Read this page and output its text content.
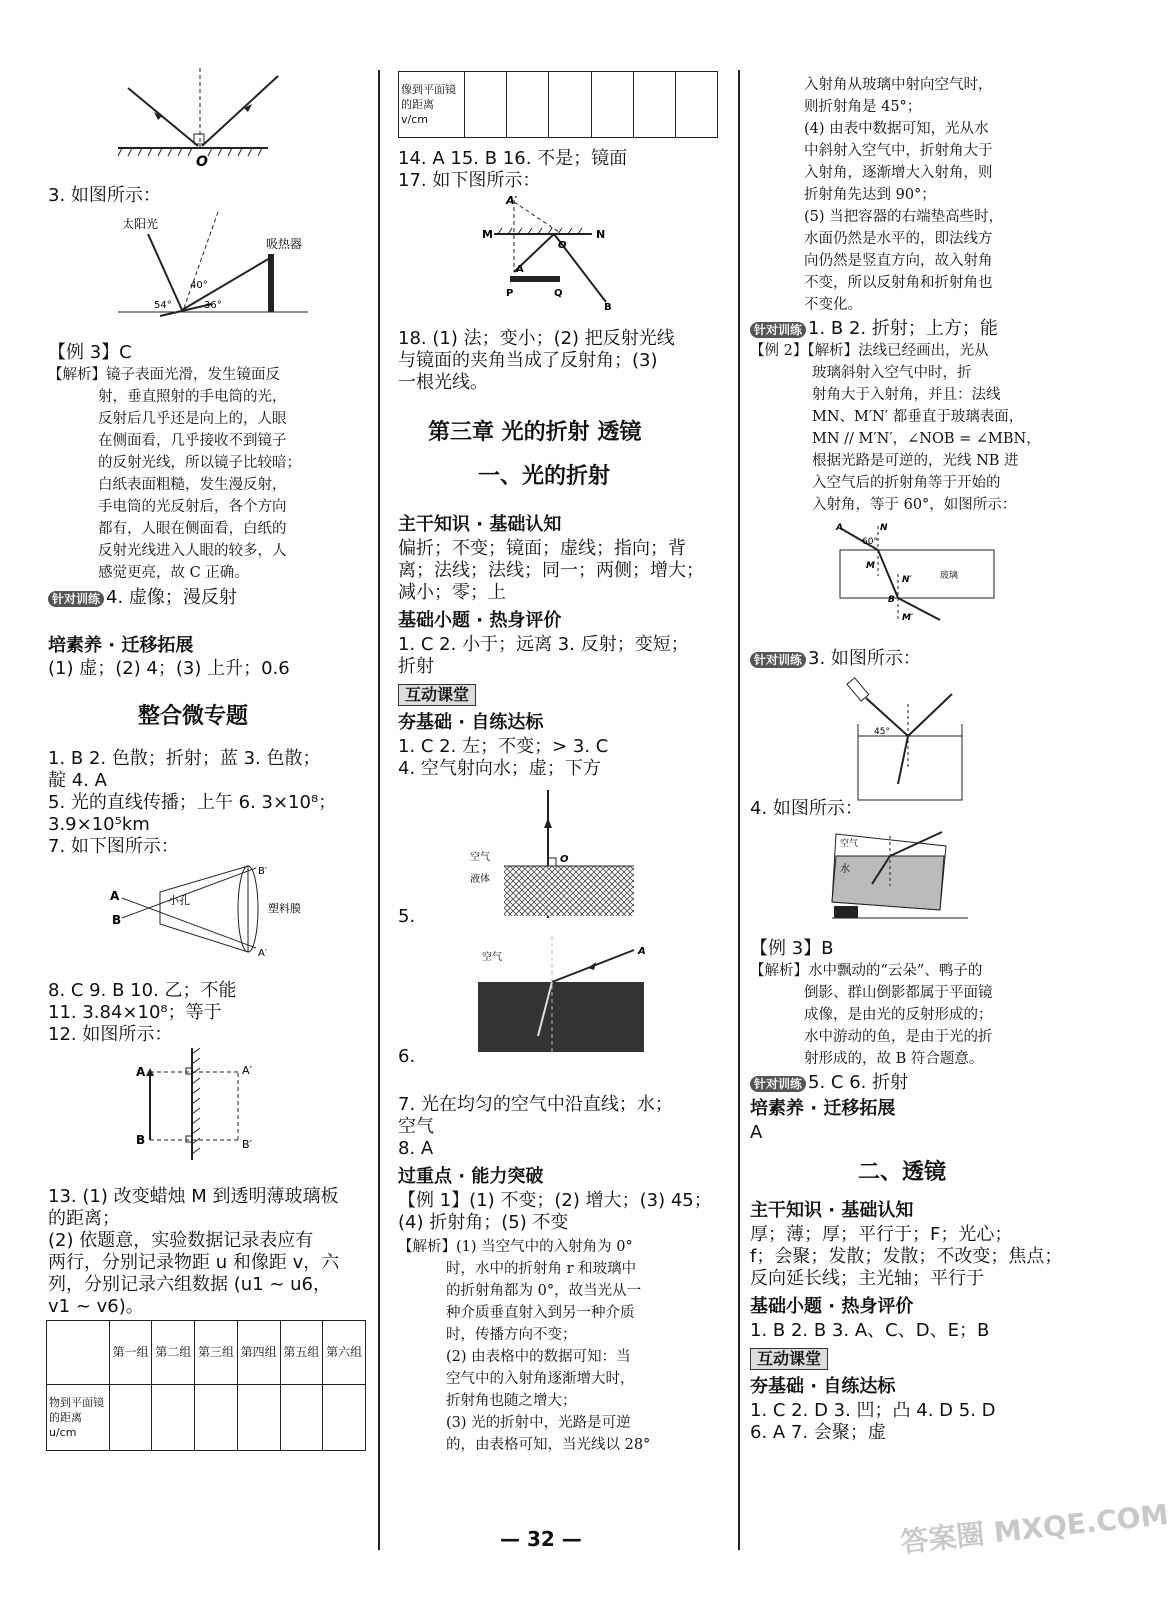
O
3. 如图所示：
太阳光
吸热器
40°
36°
54°
【例 3】C
【解析】镜子表面光滑，发生镜面反
射，垂直照射的手电筒的光，
反射后几乎还是向上的，人眼
在侧面看，几乎接收不到镜子
的反射光线，所以镜子比较暗；
白纸表面粗糙，发生漫反射，
手电筒的光反射后，各个方向
都有，人眼在侧面看，白纸的
反射光线进入人眼的较多，人
感觉更亮，故 C 正确。
针对训练 4. 虚像；漫反射
培素养 · 迁移拓展
(1) 虚；(2) 4；(3) 上升；0.6
整合微专题
1. B 2. 色散；折射；蓝 3. 色散；
靛 4. A
5. 光的直线传播；上午 6. 3×10⁸；
3.9×10⁵km
7. 如下图所示：
A
B
小孔
B′
A′
塑料膜
8. C 9. B 10. 乙；不能
11. 3.84×10⁸；等于
12. 如图所示：
A
B
A′
B′
13. (1) 改变蜡烛 M 到透明薄玻璃板
的距离；
(2) 依题意，实验数据记录表应有
两行，分别记录物距 u 和像距 v，六
列，分别记录六组数据 (u1 ~ u6，
v1 ~ v6)。
	第一组	第二组	第三组	第四组	第五组	第六组
物到平面镜的距离 u/cm						
像到平面镜的距离 v/cm						
14. A 15. B 16. 不是；镜面
17. 如下图所示：
A′
M	N
A
O
P	Q
B
18. (1) 法；变小；(2) 把反射光线
与镜面的夹角当成了反射角；(3)
一根光线。
第三章 光的折射 透镜
一、光的折射
主干知识 · 基础认知
偏折；不变；镜面；虚线；指向；背
离；法线；法线；同一；两侧；增大；
减小；零；上
基础小题 · 热身评价
1. C 2. 小于；远离 3. 反射；变短；
折射
互动课堂
夯基础 · 自练达标
1. C 2. 左；不变；> 3. C
4. 空气射向水；虚；下方
空气
液体
O
5.
空气
A
6.
7. 光在均匀的空气中沿直线；水；
空气
8. A
过重点 · 能力突破
【例 1】(1) 不变；(2) 增大；(3) 45；
(4) 折射角；(5) 不变
【解析】(1) 当空气中的入射角为 0°
时，水中的折射角 r 和玻璃中
的折射角都为 0°，故当光从一
种介质垂直射入到另一种介质
时，传播方向不变；
(2) 由表格中的数据可知：当
空气中的入射角逐渐增大时，
折射角也随之增大；
(3) 光的折射中，光路是可逆
的，由表格可知，当光线以 28°
入射角从玻璃中射向空气时，
则折射角是 45°；
(4) 由表中数据可知，光从水
中斜射入空气中，折射角大于
入射角，逐渐增大入射角，则
折射角先达到 90°；
(5) 当把容器的右端垫高些时，
水面仍然是水平的，即法线方
向仍然是竖直方向，故入射角
不变，所以反射角和折射角也
不变化。
针对训练 1. B 2. 折射；上方；能
【例 2】【解析】法线已经画出，光从
玻璃斜射入空气中时，折
射角大于入射角，并且：法线
MN、M′N′ 都垂直于玻璃表面，
MN // M′N′，∠NOB = ∠MBN，
根据光路是可逆的，光线 NB 进
入空气后的折射角等于开始的
入射角，等于 60°，如图所示：
玻璃
A	N
60°
M
N′
B
M′
针对训练 3. 如图所示：
45°
4. 如图所示：
空气
水
【例 3】B
【解析】水中飘动的“云朵”、鸭子的
倒影、群山倒影都属于平面镜
成像，是由光的反射形成的；
水中游动的鱼，是由于光的折
射形成的，故 B 符合题意。
针对训练 5. C 6. 折射
培素养 · 迁移拓展
A
二、透镜
主干知识 · 基础认知
厚；薄；厚；平行于；F；光心；
f；会聚；发散；发散；不改变；焦点；
反向延长线；主光轴；平行于
基础小题 · 热身评价
1. B 2. B 3. A、C、D、E；B
互动课堂
夯基础 · 自练达标
1. C 2. D 3. 凹；凸 4. D 5. D
6. A 7. 会聚；虚
— 32 —	答案圈 MXQE.COM
